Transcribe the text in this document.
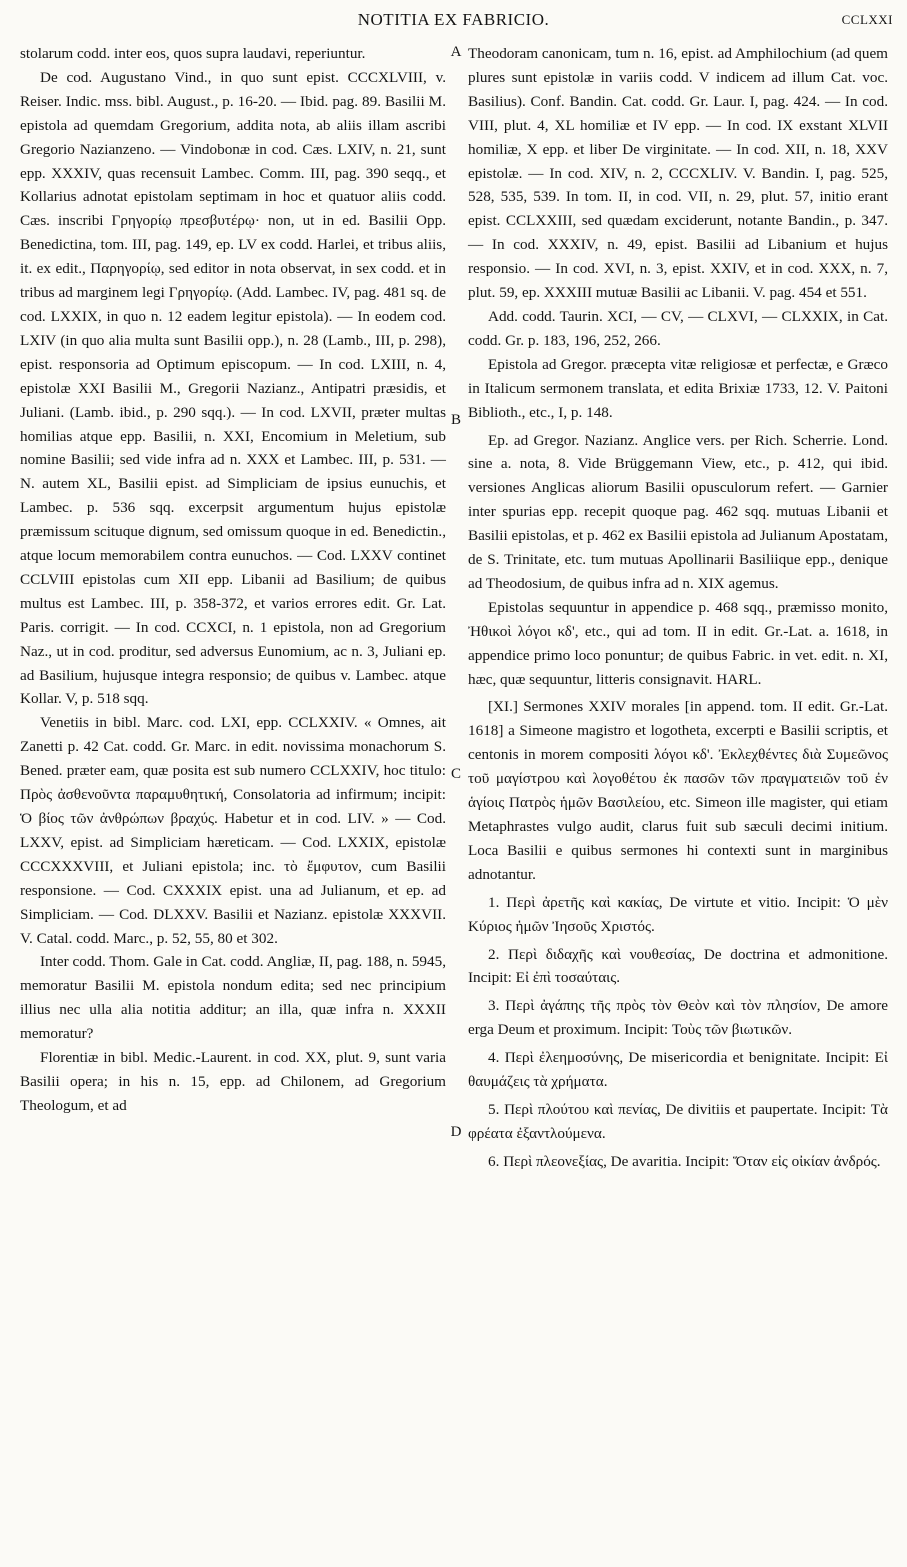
NOTITIA EX FABRICIO.	CCLXXI

stolarum codd. inter eos, quos supra laudavi, reperiuntur.

De cod. Augustano Vind., in quo sunt epist. CCCXLVIII, v. Reiser. Indic. mss. bibl. August., p. 16-20. — Ibid. pag. 89. Basilii M. epistola ad quemdam Gregorium, addita nota, ab aliis illam ascribi Gregorio Nazianzeno. — Vindobonæ in cod. Cæs. LXIV, n. 21, sunt epp. XXXIV, quas recensuit Lambec. Comm. III, pag. 390 seqq., et Kollarius adnotat epistolam septimam in hoc et quatuor aliis codd. Cæs. inscribi Γρηγορίῳ πρεσβυτέρῳ· non, ut in ed. Basilii Opp. Benedictina, tom. III, pag. 149, ep. LV ex codd. Harlei, et tribus aliis, it. ex edit., Παρηγορίῳ, sed editor in nota observat, in sex codd. et in tribus ad marginem legi Γρηγορίῳ. (Add. Lambec. IV, pag. 481 sq. de cod. LXXIX, in quo n. 12 eadem legitur epistola). — In eodem cod. LXIV (in quo alia multa sunt Basilii opp.), n. 28 (Lamb., III, p. 298), epist. responsoria ad Optimum episcopum. — In cod. LXIII, n. 4, epistolæ XXI Basilii M., Gregorii Nazianz., Antipatri præsidis, et Juliani. (Lamb. ibid., p. 290 sqq.). — In cod. LXVII, præter multas homilias atque epp. Basilii, n. XXI, Encomium in Meletium, sub nomine Basilii; sed vide infra ad n. XXX et Lambec. III, p. 531. — N. autem XL, Basilii epist. ad Simpliciam de ipsius eunuchis, et Lambec. p. 536 sqq. excerpsit argumentum hujus epistolæ præmissum scituque dignum, sed omissum quoque in ed. Benedictin., atque locum memorabilem contra eunuchos. — Cod. LXXV continet CCLVIII epistolas cum XII epp. Libanii ad Basilium; de quibus multus est Lambec. III, p. 358-372, et varios errores edit. Gr. Lat. Paris. corrigit. — In cod. CCXCI, n. 1 epistola, non ad Gregorium Naz., ut in cod. proditur, sed adversus Eunomium, ac n. 3, Juliani ep. ad Basilium, hujusque integra responsio; de quibus v. Lambec. atque Kollar. V, p. 518 sqq.

Venetiis in bibl. Marc. cod. LXI, epp. CCLXXIV. « Omnes, ait Zanetti p. 42 Cat. codd. Gr. Marc. in edit. novissima monachorum S. Bened. præter eam, quæ posita est sub numero CCLXXIV, hoc titulo: Πρὸς ἀσθενοῦντα παραμυθητική, Consolatoria ad infirmum; incipit: Ὁ βίος τῶν ἀνθρώπων βραχύς. Habetur et in cod. LIV. » — Cod. LXXV, epist. ad Simpliciam hæreticam. — Cod. LXXIX, epistolæ CCCXXXVIII, et Juliani epistola; inc. τὸ ἔμφυτον, cum Basilii responsione. — Cod. CXXXIX epist. una ad Julianum, et ep. ad Simpliciam. — Cod. DLXXV. Basilii et Nazianz. epistolæ XXXVII. V. Catal. codd. Marc., p. 52, 55, 80 et 302.

Inter codd. Thom. Gale in Cat. codd. Angliæ, II, pag. 188, n. 5945, memoratur Basilii M. epistola nondum edita; sed nec principium illius nec ulla alia notitia additur; an illa, quæ infra n. XXXII memoratur?

Florentiæ in bibl. Medic.-Laurent. in cod. XX, plut. 9, sunt varia Basilii opera; in his n. 15, epp. ad Chilonem, ad Gregorium Theologum, et ad

A
B
C
D

Theodoram canonicam, tum n. 16, epist. ad Amphilochium (ad quem plures sunt epistolæ in variis codd. V indicem ad illum Cat. voc. Basilius). Conf. Bandin. Cat. codd. Gr. Laur. I, pag. 424. — In cod. VIII, plut. 4, XL homiliæ et IV epp. — In cod. IX exstant XLVII homiliæ, X epp. et liber De virginitate. — In cod. XII, n. 18, XXV epistolæ. — In cod. XIV, n. 2, CCCXLIV. V. Bandin. I, pag. 525, 528, 535, 539. In tom. II, in cod. VII, n. 29, plut. 57, initio erant epist. CCLXXIII, sed quædam exciderunt, notante Bandin., p. 347. — In cod. XXXIV, n. 49, epist. Basilii ad Libanium et hujus responsio. — In cod. XVI, n. 3, epist. XXIV, et in cod. XXX, n. 7, plut. 59, ep. XXXIII mutuæ Basilii ac Libanii. V. pag. 454 et 551.

Add. codd. Taurin. XCI, — CV, — CLXVI, — CLXXIX, in Cat. codd. Gr. p. 183, 196, 252, 266.

Epistola ad Gregor. præcepta vitæ religiosæ et perfectæ, e Græco in Italicum sermonem translata, et edita Brixiæ 1733, 12. V. Paitoni Biblioth., etc., I, p. 148.

Ep. ad Gregor. Nazianz. Anglice vers. per Rich. Scherrie. Lond. sine a. nota, 8. Vide Brüggemann View, etc., p. 412, qui ibid. versiones Anglicas aliorum Basilii opusculorum refert. — Garnier inter spurias epp. recepit quoque pag. 462 sqq. mutuas Libanii et Basilii epistolas, et p. 462 ex Basilii epistola ad Julianum Apostatam, de S. Trinitate, etc. tum mutuas Apollinarii Basiliique epp., denique ad Theodosium, de quibus infra ad n. XIX agemus.

Epistolas sequuntur in appendice p. 468 sqq., præmisso monito, Ἠθικοὶ λόγοι κδ', etc., qui ad tom. II in edit. Gr.-Lat. a. 1618, in appendice primo loco ponuntur; de quibus Fabric. in vet. edit. n. XI, hæc, quæ sequuntur, litteris consignavit. HARL.

[XI.] Sermones XXIV morales [in append. tom. II edit. Gr.-Lat. 1618] a Simeone magistro et logotheta, excerpti e Basilii scriptis, et centonis in morem compositi λόγοι κδ'. Ἐκλεχθέντες διὰ Συμεῶνος τοῦ μαγίστρου καὶ λογοθέτου ἐκ πασῶν τῶν πραγματειῶν τοῦ ἐν ἁγίοις Πατρὸς ἡμῶν Βασιλείου, etc. Simeon ille magister, qui etiam Metaphrastes vulgo audit, clarus fuit sub sæculi decimi initium. Loca Basilii e quibus sermones hi contexti sunt in marginibus adnotantur.

1. Περὶ ἀρετῆς καὶ κακίας, De virtute et vitio. Incipit: Ὁ μὲν Κύριος ἡμῶν Ἰησοῦς Χριστός.

2. Περὶ διδαχῆς καὶ νουθεσίας, De doctrina et admonitione. Incipit: Εἰ ἐπὶ τοσαύταις.

3. Περὶ ἀγάπης τῆς πρὸς τὸν Θεὸν καὶ τὸν πλησίον, De amore erga Deum et proximum. Incipit: Τοὺς τῶν βιωτικῶν.

4. Περὶ ἐλεημοσύνης, De misericordia et benignitate. Incipit: Εἰ θαυμάζεις τὰ χρήματα.

5. Περὶ πλούτου καὶ πενίας, De divitiis et paupertate. Incipit: Τὰ φρέατα ἐξαντλούμενα.

6. Περὶ πλεονεξίας, De avaritia. Incipit: Ὅταν εἰς οἰκίαν ἀνδρός.
